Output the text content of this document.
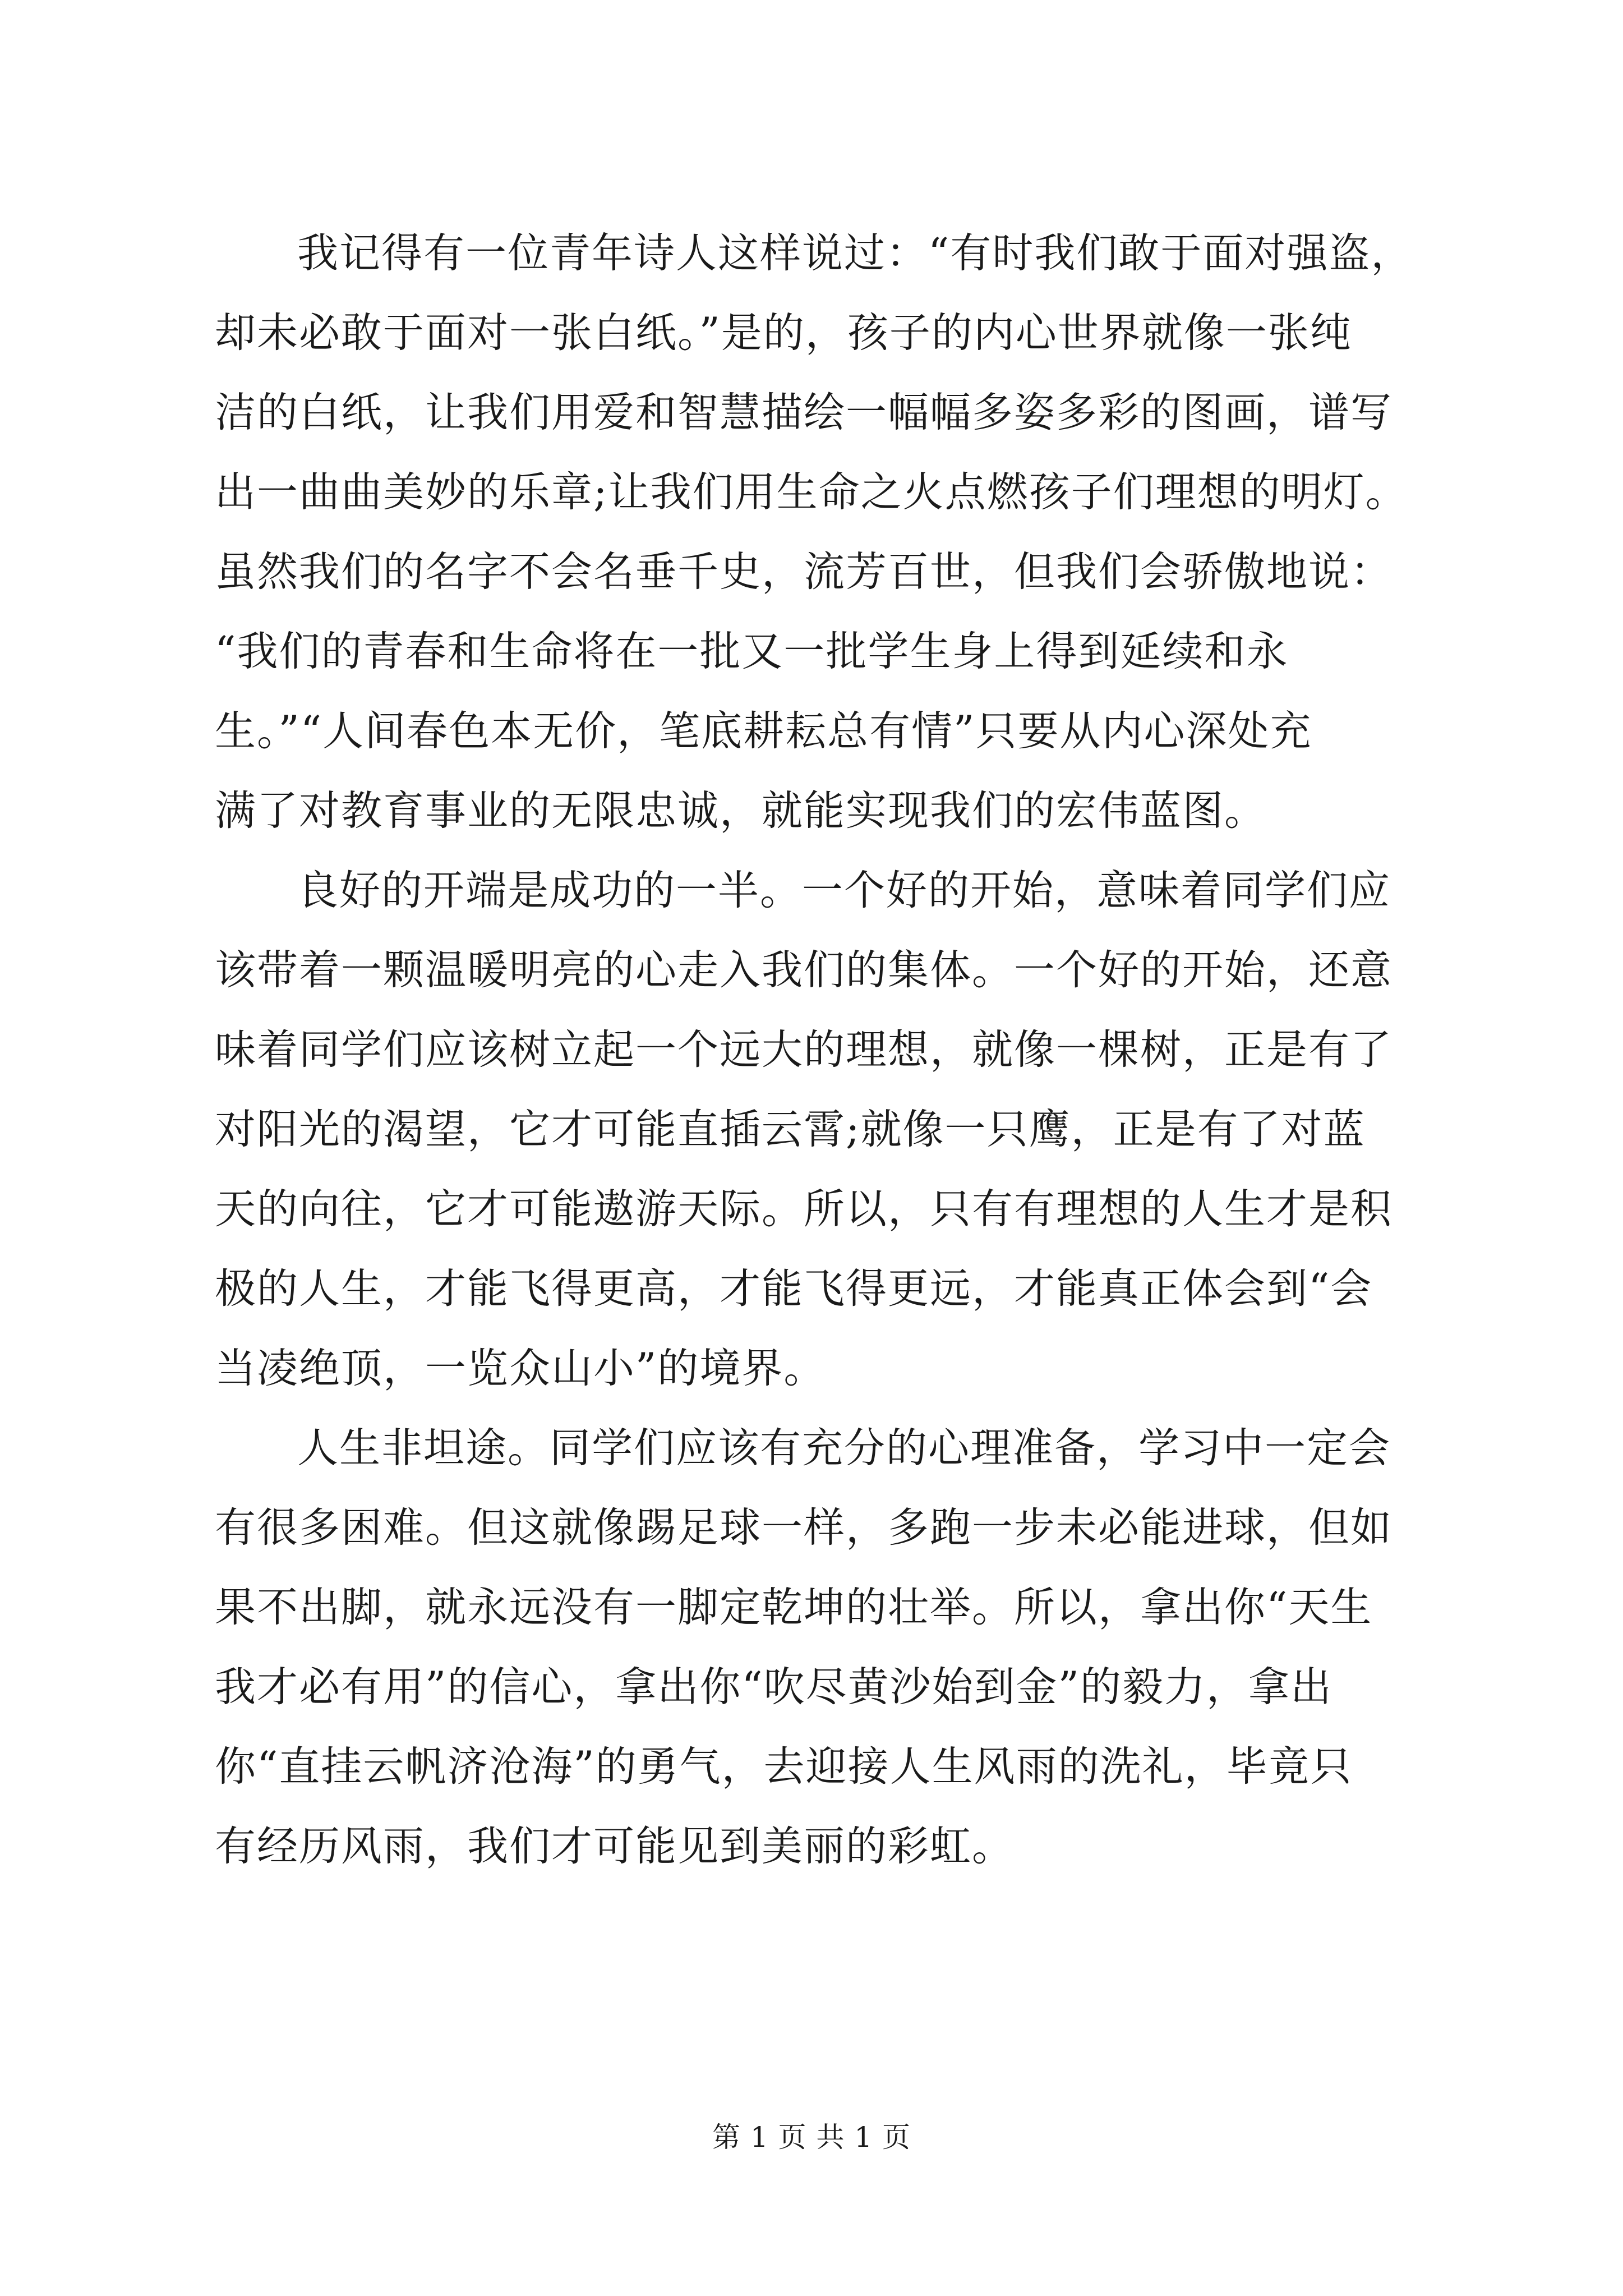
我记得有一位青年诗人这样说过：“有时我们敢于面对强盗，
却未必敢于面对一张白纸。”是的，孩子的内心世界就像一张纯
洁的白纸，让我们用爱和智慧描绘一幅幅多姿多彩的图画，谱写
出一曲曲美妙的乐章;让我们用生命之火点燃孩子们理想的明灯。
虽然我们的名字不会名垂千史，流芳百世，但我们会骄傲地说：
“我们的青春和生命将在一批又一批学生身上得到延续和永
生。”“人间春色本无价，笔底耕耘总有情”只要从内心深处充
满了对教育事业的无限忠诚，就能实现我们的宏伟蓝图。
良好的开端是成功的一半。一个好的开始，意味着同学们应
该带着一颗温暖明亮的心走入我们的集体。一个好的开始，还意
味着同学们应该树立起一个远大的理想，就像一棵树，正是有了
对阳光的渴望，它才可能直插云霄;就像一只鹰，正是有了对蓝
天的向往，它才可能遨游天际。所以，只有有理想的人生才是积
极的人生，才能飞得更高，才能飞得更远，才能真正体会到“会
当凌绝顶，一览众山小”的境界。
人生非坦途。同学们应该有充分的心理准备，学习中一定会
有很多困难。但这就像踢足球一样，多跑一步未必能进球，但如
果不出脚，就永远没有一脚定乾坤的壮举。所以，拿出你“天生
我才必有用”的信心，拿出你“吹尽黄沙始到金”的毅力，拿出
你“直挂云帆济沧海”的勇气，去迎接人生风雨的洗礼，毕竟只
有经历风雨，我们才可能见到美丽的彩虹。
第 1 页 共 1 页
